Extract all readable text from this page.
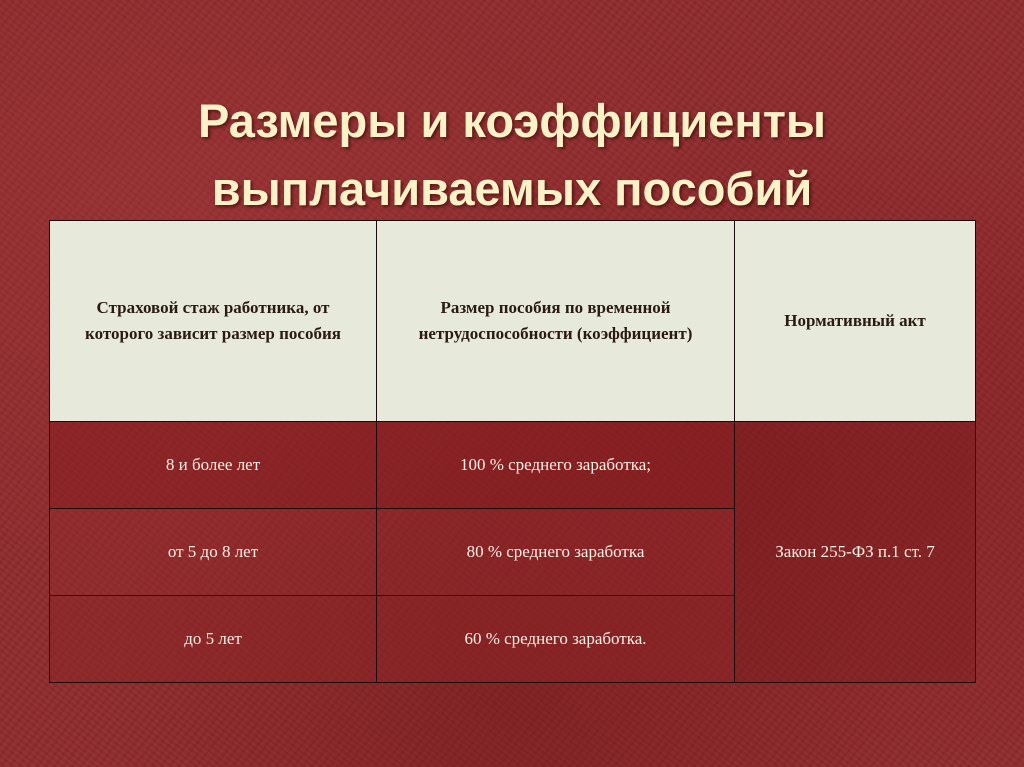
Размеры и коэффициенты
выплачиваемых пособий
Страховой стаж работника, от которого зависит размер пособия	Размер пособия по временной нетрудоспособности (коэффициент)	Нормативный акт
8 и более лет	100 % среднего заработка;	Закон 255-ФЗ п.1 ст. 7
от 5 до 8 лет	80 % среднего заработка	
до 5 лет	60 % среднего заработка.	
